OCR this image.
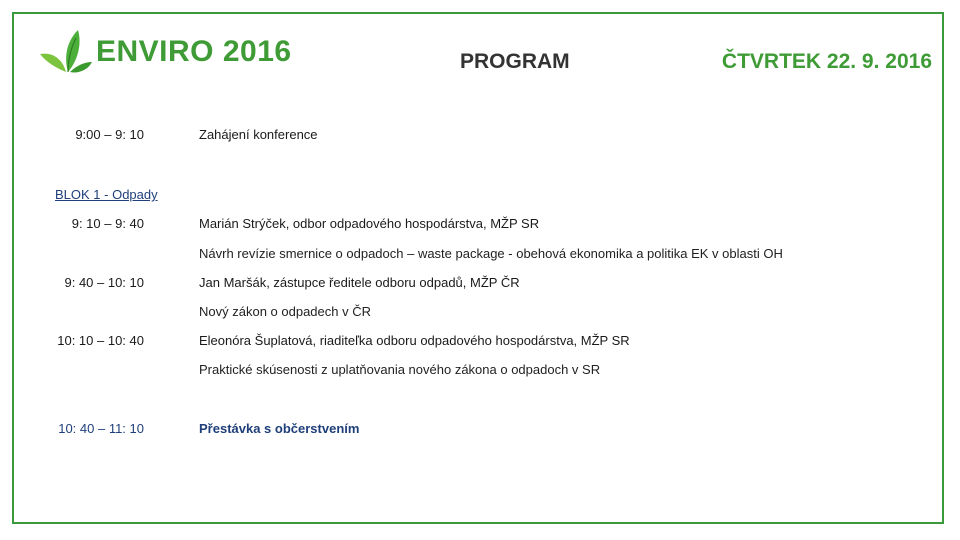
ENVIRO 2016	PROGRAM	ČTVRTEK 22. 9. 2016
9:00 – 9: 10	Zahájení konference
BLOK 1 - Odpady
9: 10 – 9: 40	Marián Strýček, odbor odpadového hospodárstva, MŽP SR
Návrh revízie smernice o odpadoch – waste package - obehová ekonomika a politika EK v oblasti OH
9: 40 – 10: 10	Jan Maršák, zástupce ředitele odboru odpadů, MŽP ČR
Nový zákon o odpadech v ČR
10: 10 – 10: 40	Eleonóra Šuplatová, riaditeľka odboru odpadového hospodárstva, MŽP SR
Praktické skúsenosti z uplatňovania nového zákona o odpadoch v SR
10: 40 – 11: 10	Přestávka s občerstvením
